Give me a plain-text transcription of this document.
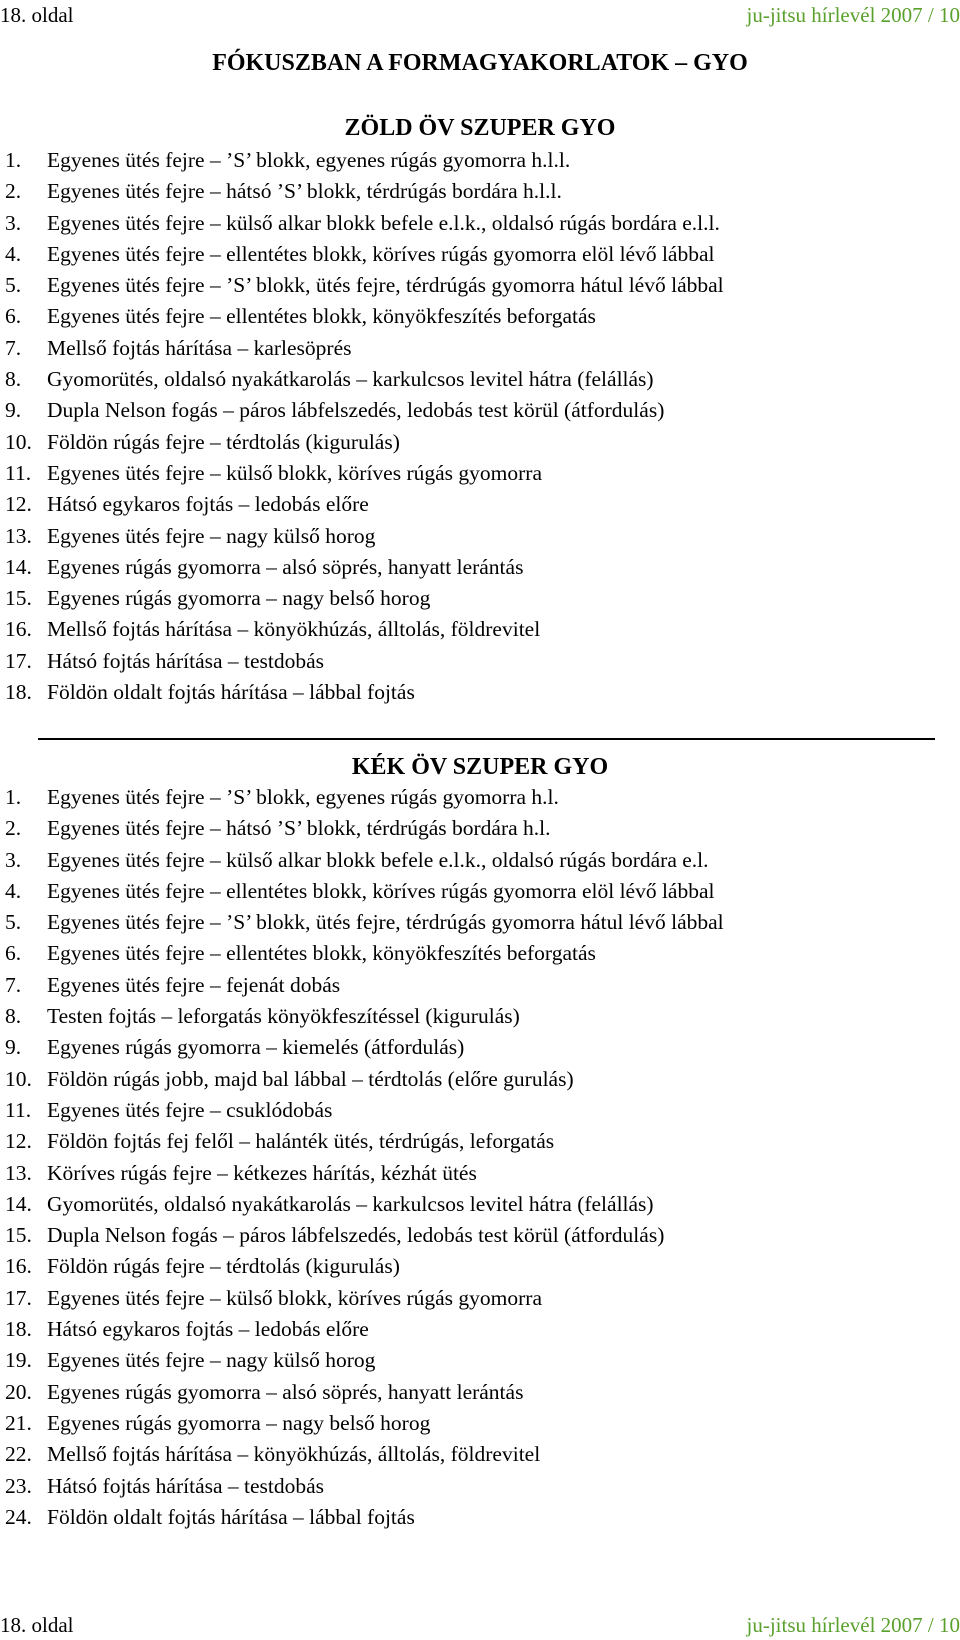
18. oldal	ju-jitsu hírlevél 2007 / 10
FÓKUSZBAN A FORMAGYAKORLATOK – GYO
ZÖLD ÖV SZUPER GYO
1. Egyenes ütés fejre – ’S’ blokk, egyenes rúgás gyomorra h.l.l.
2. Egyenes ütés fejre – hátsó ’S’ blokk, térdrúgás bordára h.l.l.
3. Egyenes ütés fejre – külső alkar blokk befele e.l.k., oldalsó rúgás bordára e.l.l.
4. Egyenes ütés fejre – ellentétes blokk, köríves rúgás gyomorra elöl lévő lábbal
5. Egyenes ütés fejre – ’S’ blokk, ütés fejre, térdrúgás gyomorra hátul lévő lábbal
6. Egyenes ütés fejre – ellentétes blokk, könyökfeszítés beforgatás
7. Mellső fojtás hárítása – karlesöprés
8. Gyomorütés, oldalsó nyakátkarolás – karkulcsos levitel hátra (felállás)
9. Dupla Nelson fogás – páros lábfelszedés, ledobás test körül (átfordulás)
10. Földön rúgás fejre – térdtolás (kigurulás)
11. Egyenes ütés fejre – külső blokk, köríves rúgás gyomorra
12. Hátsó egykaros fojtás – ledobás előre
13. Egyenes ütés fejre – nagy külső horog
14. Egyenes rúgás gyomorra – alsó söprés, hanyatt lerántás
15. Egyenes rúgás gyomorra – nagy belső horog
16. Mellső fojtás hárítása – könyökhúzás, álltolás, földrevitel
17. Hátsó fojtás hárítása – testdobás
18. Földön oldalt fojtás hárítása – lábbal fojtás
KÉK ÖV SZUPER GYO
1. Egyenes ütés fejre – ’S’ blokk, egyenes rúgás gyomorra h.l.
2. Egyenes ütés fejre – hátsó ’S’ blokk, térdrúgás bordára h.l.
3. Egyenes ütés fejre – külső alkar blokk befele e.l.k., oldalsó rúgás bordára e.l.
4. Egyenes ütés fejre – ellentétes blokk, köríves rúgás gyomorra elöl lévő lábbal
5. Egyenes ütés fejre – ’S’ blokk, ütés fejre, térdrúgás gyomorra hátul lévő lábbal
6. Egyenes ütés fejre – ellentétes blokk, könyökfeszítés beforgatás
7. Egyenes ütés fejre – fejenát dobás
8. Testen fojtás – leforgatás könyökfeszítéssel (kigurulás)
9. Egyenes rúgás gyomorra – kiemelés (átfordulás)
10. Földön rúgás jobb, majd bal lábbal – térdtolás (előre gurulás)
11. Egyenes ütés fejre – csuklódobás
12. Földön fojtás fej felől – halánték ütés, térdrúgás, leforgatás
13. Köríves rúgás fejre – kétkezes hárítás, kézhát ütés
14. Gyomorütés, oldalsó nyakátkarolás – karkulcsos levitel hátra (felállás)
15. Dupla Nelson fogás – páros lábfelszedés, ledobás test körül (átfordulás)
16. Földön rúgás fejre – térdtolás (kigurulás)
17. Egyenes ütés fejre – külső blokk, köríves rúgás gyomorra
18. Hátsó egykaros fojtás – ledobás előre
19. Egyenes ütés fejre – nagy külső horog
20. Egyenes rúgás gyomorra – alsó söprés, hanyatt lerántás
21. Egyenes rúgás gyomorra – nagy belső horog
22. Mellső fojtás hárítása – könyökhúzás, álltolás, földrevitel
23. Hátsó fojtás hárítása – testdobás
24. Földön oldalt fojtás hárítása – lábbal fojtás
18. oldal	ju-jitsu hírlevél 2007 / 10
